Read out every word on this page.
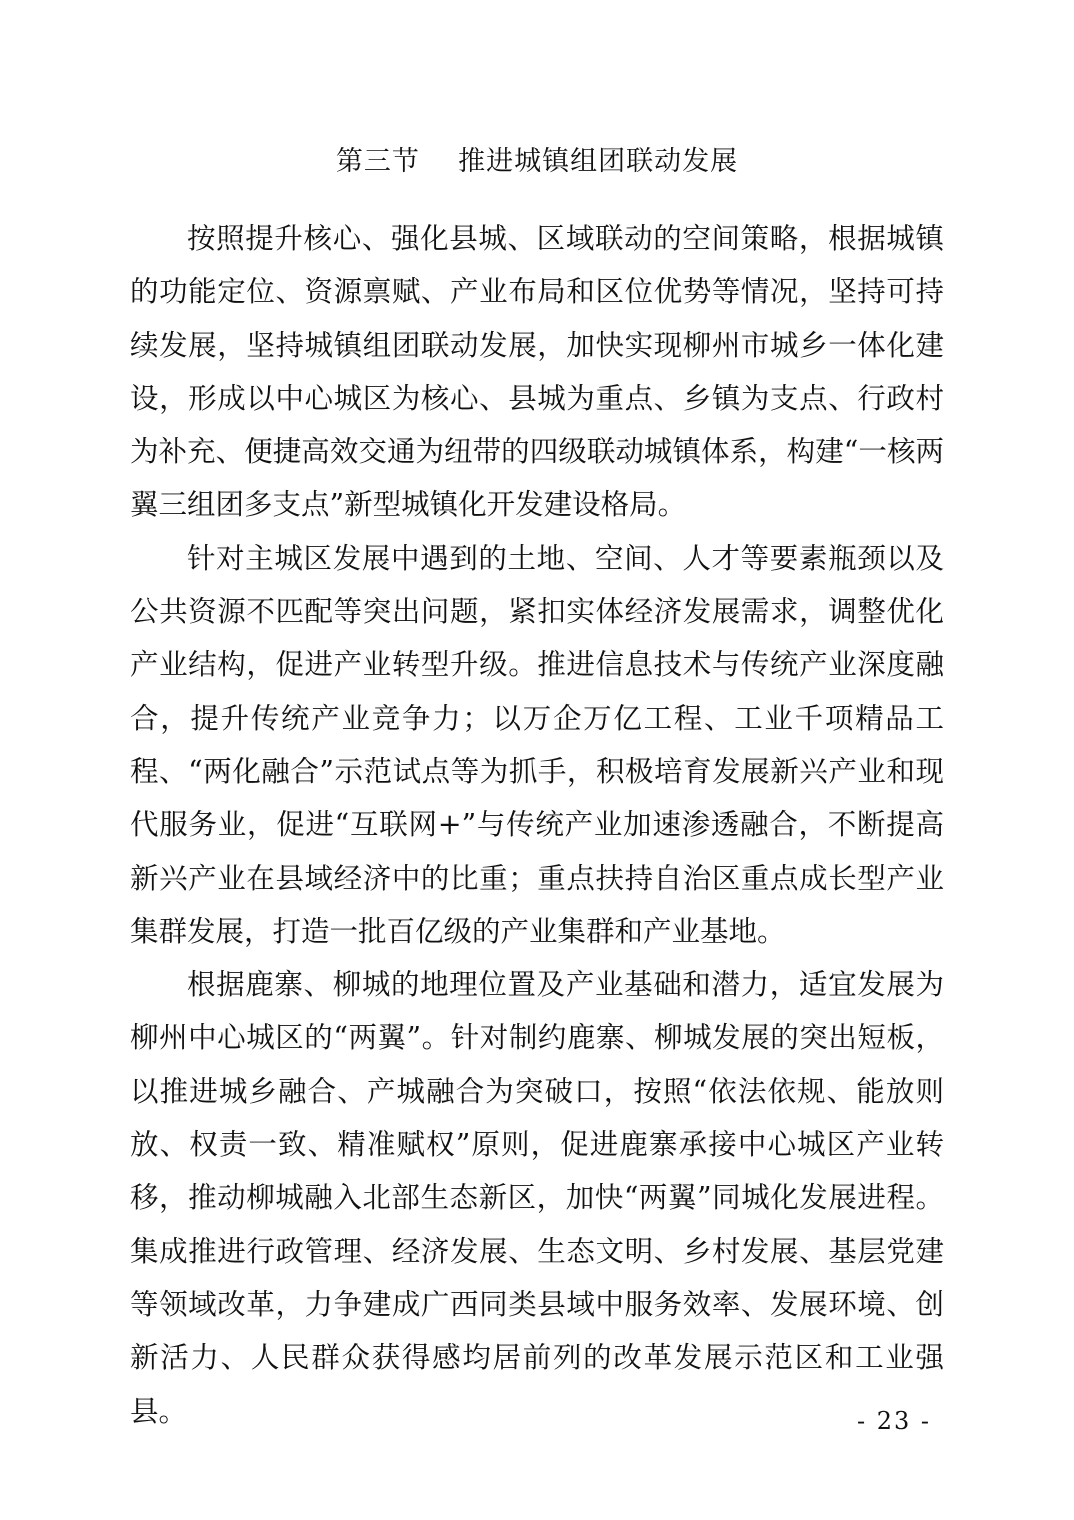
第三节 推进城镇组团联动发展

按照提升核心、强化县城、区域联动的空间策略，根据城镇的功能定位、资源禀赋、产业布局和区位优势等情况，坚持可持续发展，坚持城镇组团联动发展，加快实现柳州市城乡一体化建设，形成以中心城区为核心、县城为重点、乡镇为支点、行政村为补充、便捷高效交通为纽带的四级联动城镇体系，构建“一核两翼三组团多支点”新型城镇化开发建设格局。

针对主城区发展中遇到的土地、空间、人才等要素瓶颈以及公共资源不匹配等突出问题，紧扣实体经济发展需求，调整优化产业结构，促进产业转型升级。推进信息技术与传统产业深度融合，提升传统产业竞争力；以万企万亿工程、工业千项精品工程、“两化融合”示范试点等为抓手，积极培育发展新兴产业和现代服务业，促进“互联网+”与传统产业加速渗透融合，不断提高新兴产业在县域经济中的比重；重点扶持自治区重点成长型产业集群发展，打造一批百亿级的产业集群和产业基地。

根据鹿寨、柳城的地理位置及产业基础和潜力，适宜发展为柳州中心城区的“两翼”。针对制约鹿寨、柳城发展的突出短板，以推进城乡融合、产城融合为突破口，按照“依法依规、能放则放、权责一致、精准赋权”原则，促进鹿寨承接中心城区产业转移，推动柳城融入北部生态新区，加快“两翼”同城化发展进程。集成推进行政管理、经济发展、生态文明、乡村发展、基层党建等领域改革，力争建成广西同类县域中服务效率、发展环境、创新活力、人民群众获得感均居前列的改革发展示范区和工业强县。	- 23 -
